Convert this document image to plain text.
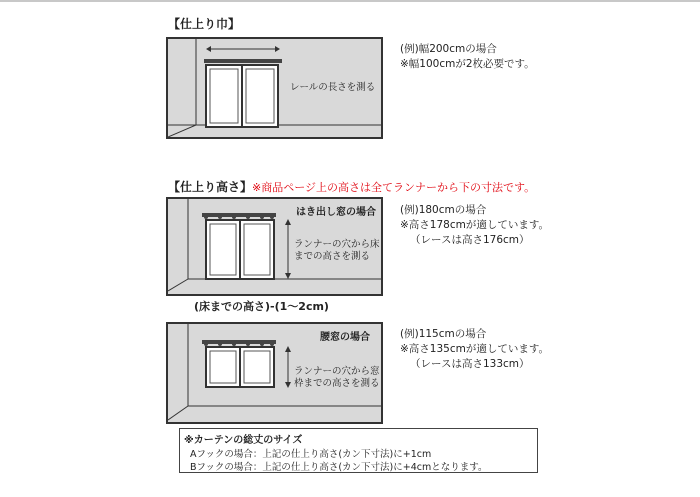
【仕上り巾】
レールの長さを測る
(例)幅200cmの場合
※幅100cmが2枚必要です。
【仕上り高さ】※商品ページ上の高さは全てランナーから下の寸法です。
はき出し窓の場合
ランナーの穴から床
までの高さを測る
(床までの高さ)-(1～2cm)
(例)180cmの場合
※高さ178cmが適しています。
（レースは高さ176cm）
腰窓の場合
ランナーの穴から窓
枠までの高さを測る
(例)115cmの場合
※高さ135cmが適しています。
（レースは高さ133cm）
※カーテンの総丈のサイズ
Aフックの場合：上記の仕上り高さ(カン下寸法)に+1cm
Bフックの場合：上記の仕上り高さ(カン下寸法)に+4cmとなります。
